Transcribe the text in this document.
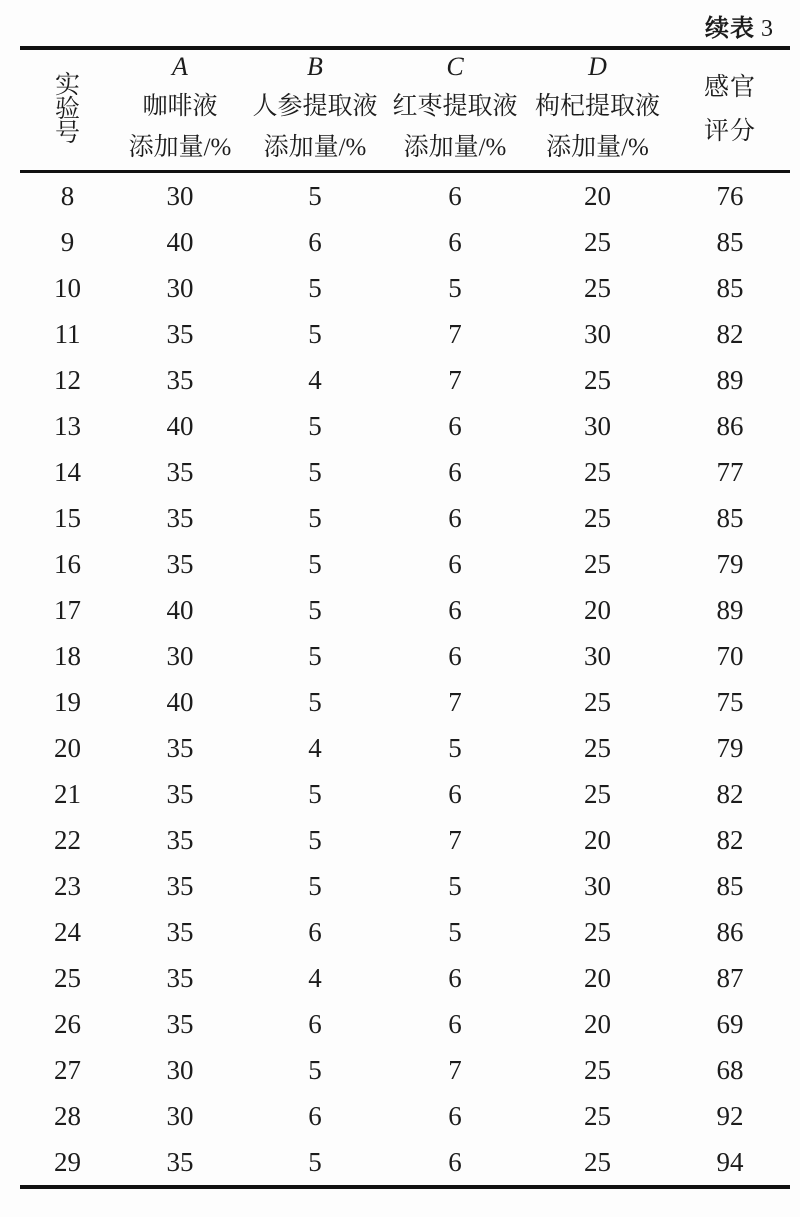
续表 3
实验号

A
咖啡液
添加量/%

B
人参提取液
添加量/%

C
红枣提取液
添加量/%

D
枸杞提取液
添加量/%

感官评分

8	30	5	6	20	76
9	40	6	6	25	85
10	30	5	5	25	85
11	35	5	7	30	82
12	35	4	7	25	89
13	40	5	6	30	86
14	35	5	6	25	77
15	35	5	6	25	85
16	35	5	6	25	79
17	40	5	6	20	89
18	30	5	6	30	70
19	40	5	7	25	75
20	35	4	5	25	79
21	35	5	6	25	82
22	35	5	7	20	82
23	35	5	5	30	85
24	35	6	5	25	86
25	35	4	6	20	87
26	35	6	6	20	69
27	30	5	7	25	68
28	30	6	6	25	92
29	35	5	6	25	94
